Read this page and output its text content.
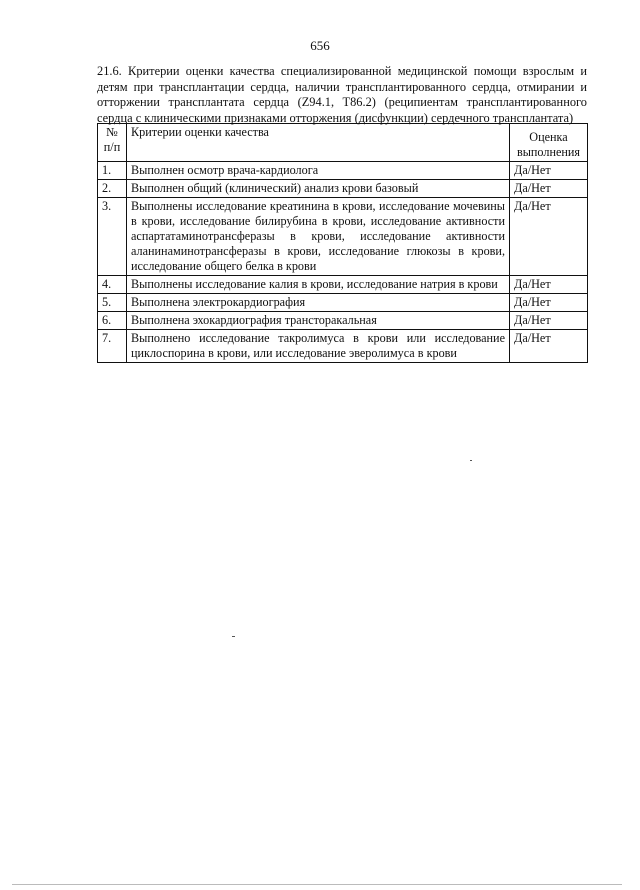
656
21.6. Критерии оценки качества специализированной медицинской помощи взрослым и детям при трансплантации сердца, наличии трансплантированного сердца, отмирании и отторжении трансплантата сердца (Z94.1, T86.2) (реципиентам трансплантированного сердца с клиническими признаками отторжения (дисфункции) сердечного трансплантата)
№ п/п	Критерии оценки качества	Оценка выполнения
1.	Выполнен осмотр врача-кардиолога	Да/Нет
2.	Выполнен общий (клинический) анализ крови базовый	Да/Нет
3.	Выполнены исследование креатинина в крови, исследование мочевины в крови, исследование билирубина в крови, исследование активности аспартатаминотрансферазы в крови, исследование активности аланинаминотрансферазы в крови, исследование глюкозы в крови, исследование общего белка в крови	Да/Нет
4.	Выполнены исследование калия в крови, исследование натрия в крови	Да/Нет
5.	Выполнена электрокардиография	Да/Нет
6.	Выполнена эхокардиография трансторакальная	Да/Нет
7.	Выполнено исследование такролимуса в крови или исследование циклоспорина в крови, или исследование эверолимуса в крови	Да/Нет
